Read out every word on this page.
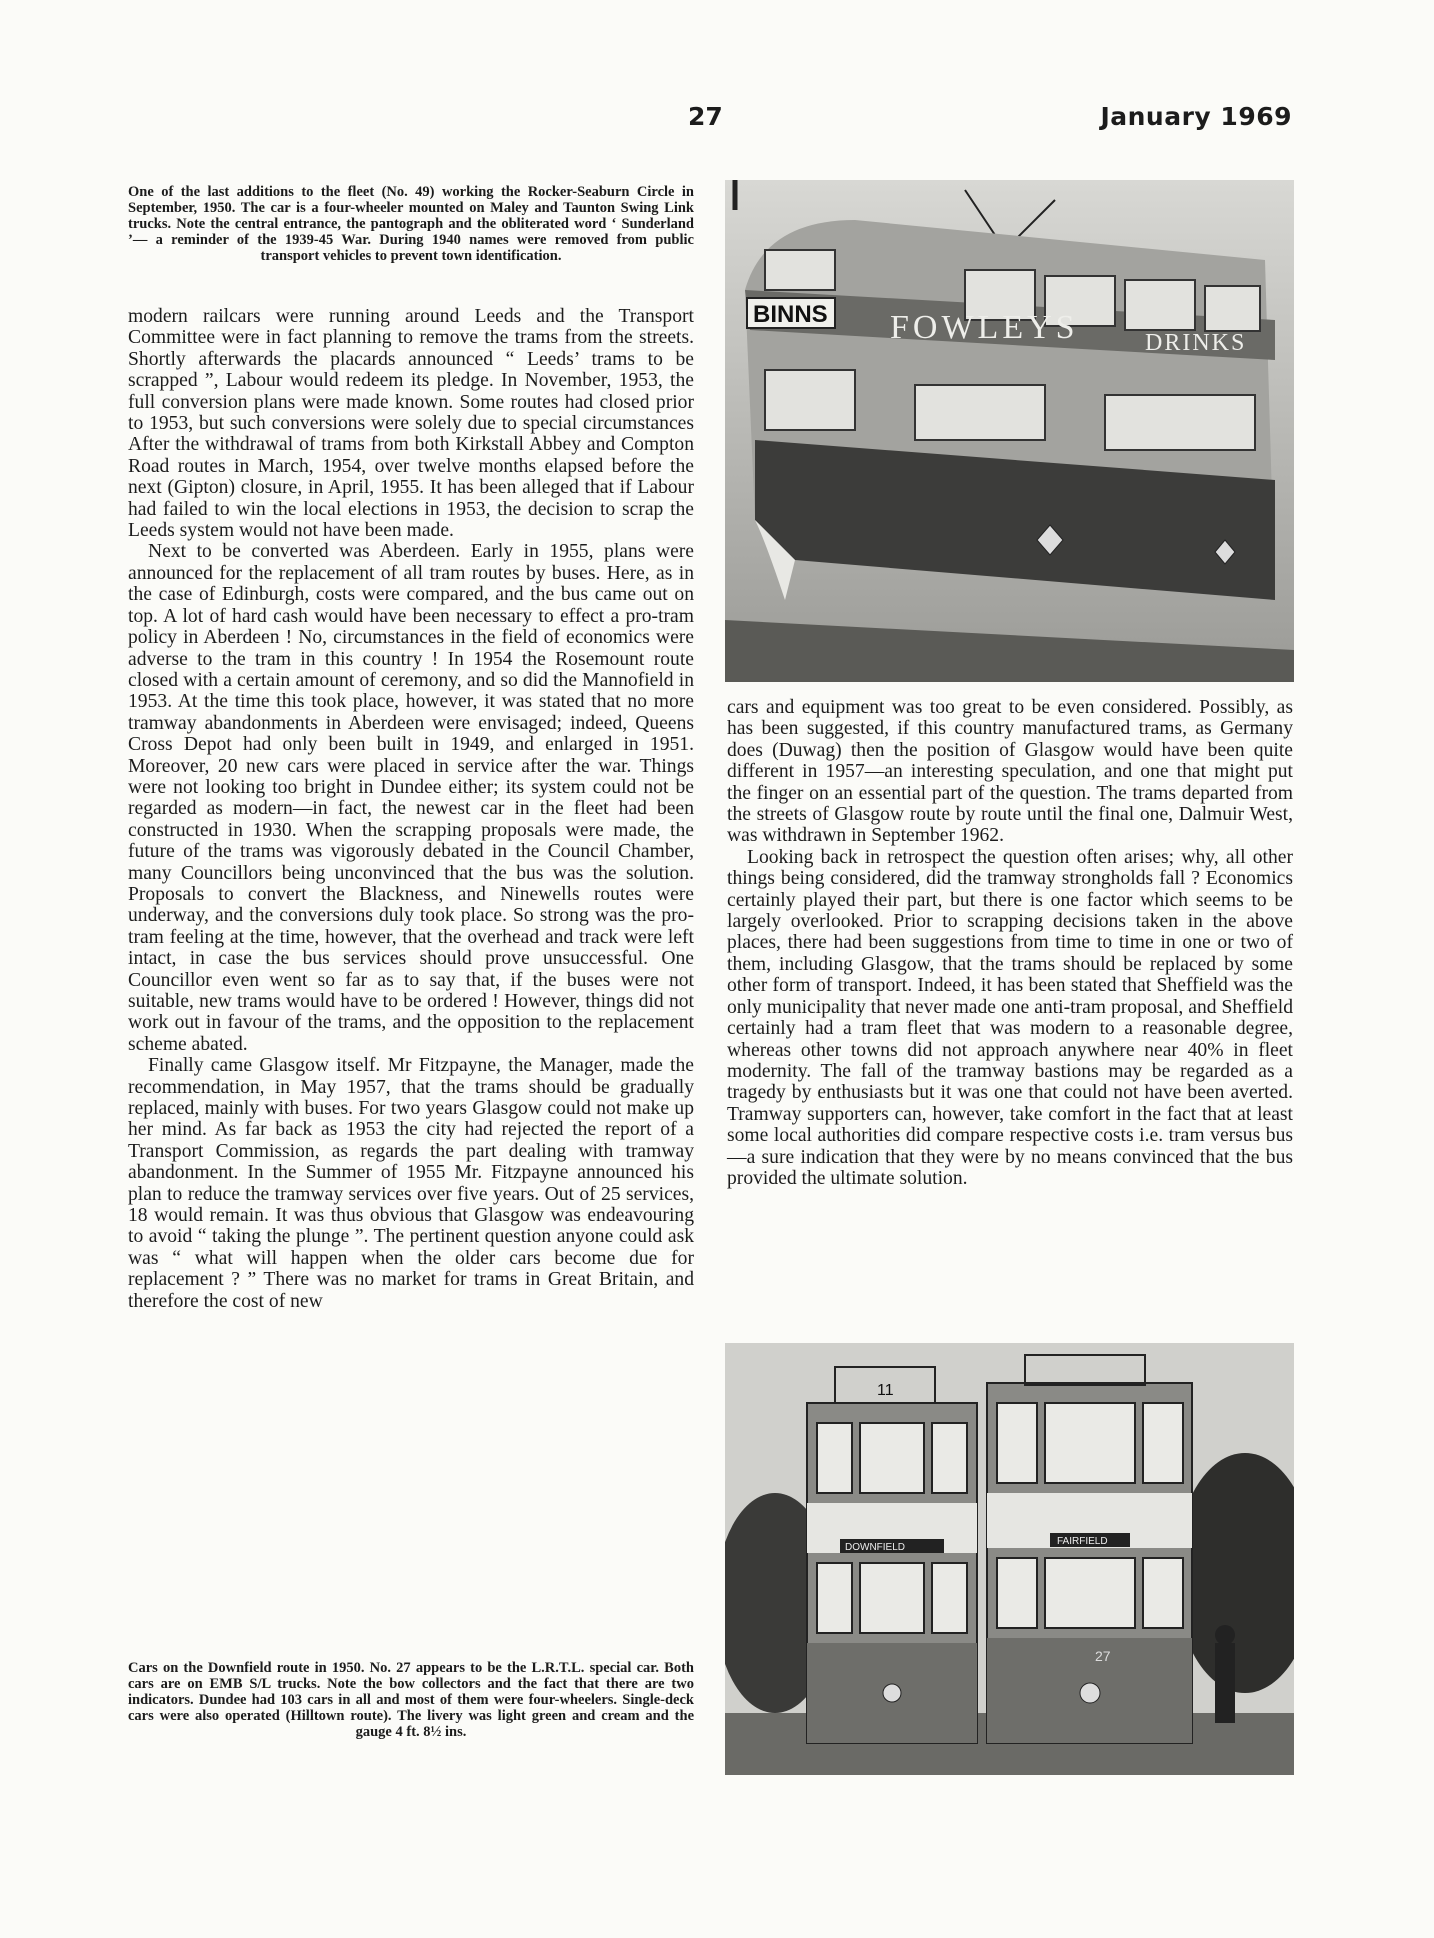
27	January 1969
One of the last additions to the fleet (No. 49) working the Rocker-Seaburn Circle in September, 1950. The car is a four-wheeler mounted on Maley and Taunton Swing Link trucks. Note the central entrance, the pantograph and the obliterated word ‘ Sunderland ’— a reminder of the 1939-45 War. During 1940 names were removed from public transport vehicles to prevent town identification.

modern railcars were running around Leeds and the Transport Committee were in fact planning to remove the trams from the streets. Shortly afterwards the placards announced “ Leeds’ trams to be scrapped ”, Labour would redeem its pledge. In November, 1953, the full conversion plans were made known. Some routes had closed prior to 1953, but such conversions were solely due to special circumstances After the withdrawal of trams from both Kirkstall Abbey and Compton Road routes in March, 1954, over twelve months elapsed before the next (Gipton) closure, in April, 1955. It has been alleged that if Labour had failed to win the local elections in 1953, the decision to scrap the Leeds system would not have been made.

Next to be converted was Aberdeen. Early in 1955, plans were announced for the replacement of all tram routes by buses. Here, as in the case of Edinburgh, costs were compared, and the bus came out on top. A lot of hard cash would have been necessary to effect a pro-tram policy in Aberdeen ! No, circumstances in the field of economics were adverse to the tram in this country ! In 1954 the Rosemount route closed with a certain amount of ceremony, and so did the Mannofield in 1953. At the time this took place, however, it was stated that no more tramway abandonments in Aberdeen were envisaged; indeed, Queens Cross Depot had only been built in 1949, and enlarged in 1951. Moreover, 20 new cars were placed in service after the war. Things were not looking too bright in Dundee either; its system could not be regarded as modern—in fact, the newest car in the fleet had been constructed in 1930. When the scrapping proposals were made, the future of the trams was vigorously debated in the Council Chamber, many Councillors being unconvinced that the bus was the solution. Proposals to convert the Blackness, and Ninewells routes were underway, and the conversions duly took place. So strong was the pro-tram feeling at the time, however, that the overhead and track were left intact, in case the bus services should prove unsuccessful. One Councillor even went so far as to say that, if the buses were not suitable, new trams would have to be ordered ! However, things did not work out in favour of the trams, and the opposition to the replacement scheme abated.

Finally came Glasgow itself. Mr Fitzpayne, the Manager, made the recommendation, in May 1957, that the trams should be gradually replaced, mainly with buses. For two years Glasgow could not make up her mind. As far back as 1953 the city had rejected the report of a Transport Commission, as regards the part dealing with tramway abandonment. In the Summer of 1955 Mr. Fitzpayne announced his plan to reduce the tramway services over five years. Out of 25 services, 18 would remain. It was thus obvious that Glasgow was endeavouring to avoid “ taking the plunge ”. The pertinent question anyone could ask was “ what will happen when the older cars become due for replacement ? ” There was no market for trams in Great Britain, and therefore the cost of new

Cars on the Downfield route in 1950. No. 27 appears to be the L.R.T.L. special car. Both cars are on EMB S/L trucks. Note the bow collectors and the fact that there are two indicators. Dundee had 103 cars in all and most of them were four-wheelers. Single-deck cars were also operated (Hilltown route). The livery was light green and cream and the gauge 4 ft. 8½ ins.
BINNS FOWLEYS	DRINKS

cars and equipment was too great to be even considered. Possibly, as has been suggested, if this country manufactured trams, as Germany does (Duwag) then the position of Glasgow would have been quite different in 1957—an interesting speculation, and one that might put the finger on an essential part of the question. The trams departed from the streets of Glasgow route by route until the final one, Dalmuir West, was withdrawn in September 1962.

Looking back in retrospect the question often arises; why, all other things being considered, did the tramway strongholds fall ? Economics certainly played their part, but there is one factor which seems to be largely overlooked. Prior to scrapping decisions taken in the above places, there had been suggestions from time to time in one or two of them, including Glasgow, that the trams should be replaced by some other form of transport. Indeed, it has been stated that Sheffield was the only municipality that never made one anti-tram proposal, and Sheffield certainly had a tram fleet that was modern to a reasonable degree, whereas other towns did not approach anywhere near 40% in fleet modernity. The fall of the tramway bastions may be regarded as a tragedy by enthusiasts but it was one that could not have been averted. Tramway supporters can, however, take comfort in the fact that at least some local authorities did compare respective costs i.e. tram versus bus—a sure indication that they were by no means convinced that the bus provided the ultimate solution.

11
DOWNFIELD
FAIRFIELD
27
